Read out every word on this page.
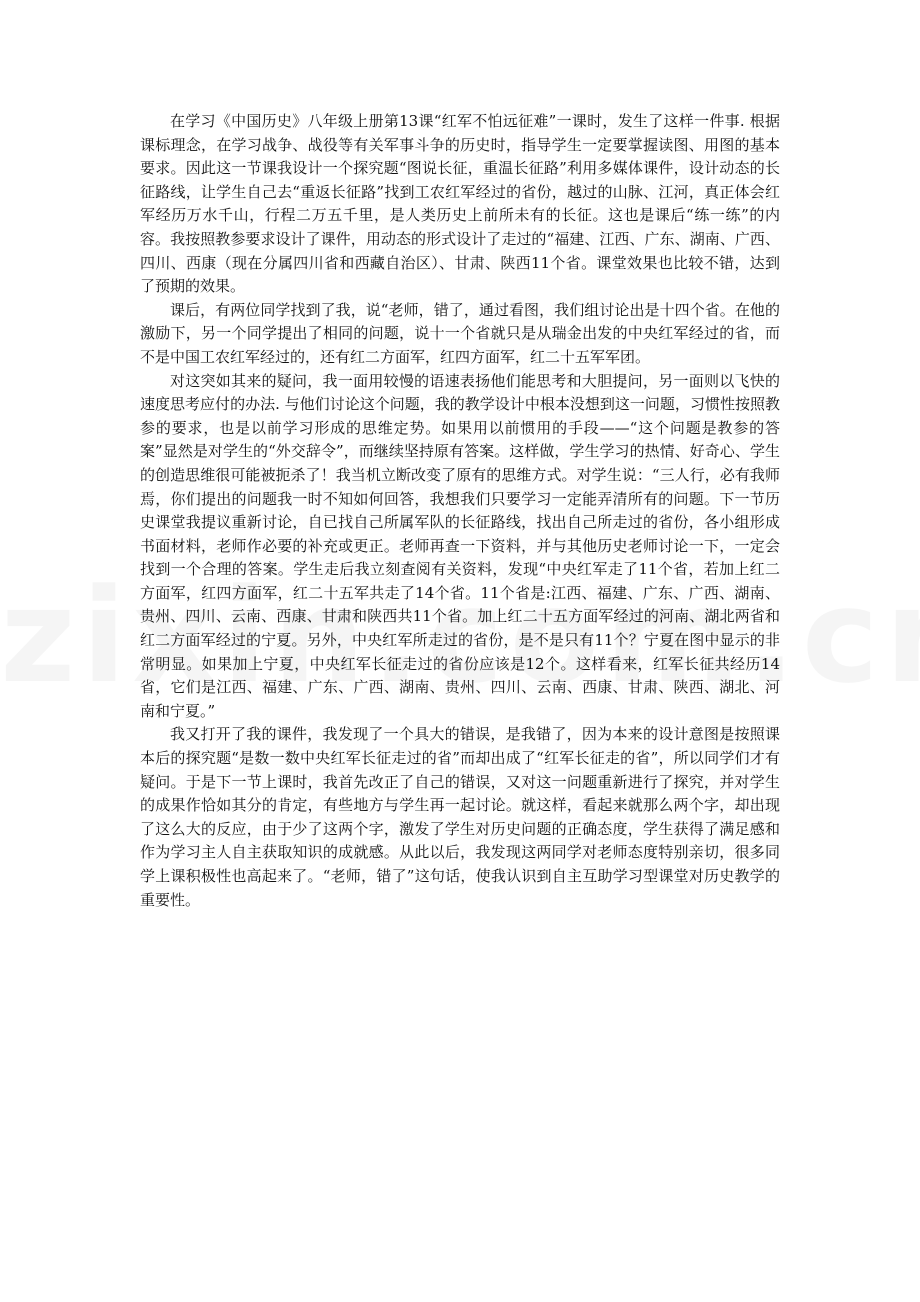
在学习《中国历史》八年级上册第13课“红军不怕远征难”一课时，发生了这样一件事. 根据课标理念，在学习战争、战役等有关军事斗争的历史时，指导学生一定要掌握读图、用图的基本要求。因此这一节课我设计一个探究题“图说长征，重温长征路”利用多媒体课件，设计动态的长征路线，让学生自己去“重返长征路”找到工农红军经过的省份，越过的山脉、江河，真正体会红军经历万水千山，行程二万五千里，是人类历史上前所未有的长征。这也是课后“练一练”的内容。我按照教参要求设计了课件，用动态的形式设计了走过的“福建、江西、广东、湖南、广西、四川、西康（现在分属四川省和西藏自治区）、甘肃、陕西11个省。课堂效果也比较不错，达到了预期的效果。

课后，有两位同学找到了我，说“老师，错了，通过看图，我们组讨论出是十四个省。在他的激励下，另一个同学提出了相同的问题，说十一个省就只是从瑞金出发的中央红军经过的省，而不是中国工农红军经过的，还有红二方面军，红四方面军，红二十五军军团。

对这突如其来的疑问，我一面用较慢的语速表扬他们能思考和大胆提问，另一面则以飞快的速度思考应付的办法. 与他们讨论这个问题，我的教学设计中根本没想到这一问题，习惯性按照教参的要求，也是以前学习形成的思维定势。如果用以前惯用的手段——“这个问题是教参的答案”显然是对学生的“外交辞令”，而继续坚持原有答案。这样做，学生学习的热情、好奇心、学生的创造思维很可能被扼杀了！我当机立断改变了原有的思维方式。对学生说：“三人行，必有我师焉，你们提出的问题我一时不知如何回答，我想我们只要学习一定能弄清所有的问题。下一节历史课堂我提议重新讨论，自已找自己所属军队的长征路线，找出自己所走过的省份，各小组形成书面材料，老师作必要的补充或更正。老师再查一下资料，并与其他历史老师讨论一下，一定会找到一个合理的答案。学生走后我立刻查阅有关资料，发现“中央红军走了11个省，若加上红二方面军，红四方面军，红二十五军共走了14个省。11个省是:江西、福建、广东、广西、湖南、贵州、四川、云南、西康、甘肃和陕西共11个省。加上红二十五方面军经过的河南、湖北两省和红二方面军经过的宁夏。另外，中央红军所走过的省份，是不是只有11个？宁夏在图中显示的非常明显。如果加上宁夏，中央红军长征走过的省份应该是12个。这样看来，红军长征共经历14省，它们是江西、福建、广东、广西、湖南、贵州、四川、云南、西康、甘肃、陕西、湖北、河南和宁夏。”

我又打开了我的课件，我发现了一个具大的错误，是我错了，因为本来的设计意图是按照课本后的探究题“是数一数中央红军长征走过的省”而却出成了“红军长征走的省”，所以同学们才有疑问。于是下一节上课时，我首先改正了自己的错误，又对这一问题重新进行了探究，并对学生的成果作恰如其分的肯定，有些地方与学生再一起讨论。就这样，看起来就那么两个字，却出现了这么大的反应，由于少了这两个字，激发了学生对历史问题的正确态度，学生获得了满足感和作为学习主人自主获取知识的成就感。从此以后，我发现这两同学对老师态度特别亲切，很多同学上课积极性也高起来了。“老师，错了”这句话，使我认识到自主互助学习型课堂对历史教学的重要性。
